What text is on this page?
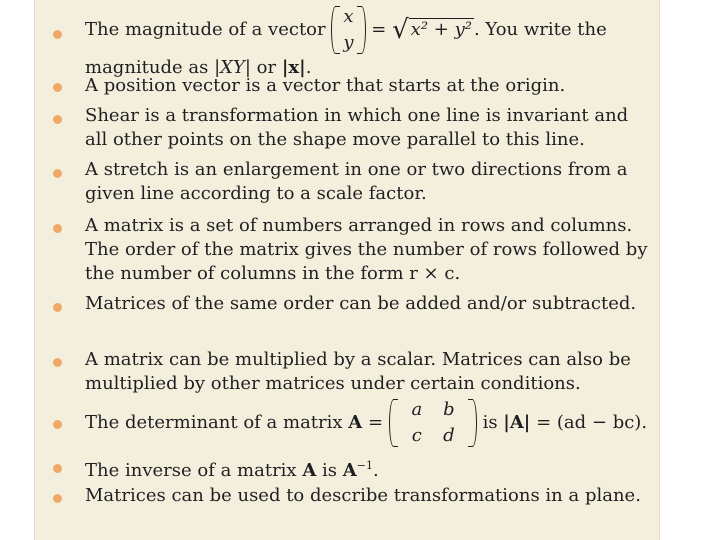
The magnitude of a vector
x
y
= √ x² + y² . You write the
magnitude as |XY| or |x|.
A position vector is a vector that starts at the origin.
Shear is a transformation in which one line is invariant and all other points on the shape move parallel to this line.
A stretch is an enlargement in one or two directions from a given line according to a scale factor.
A matrix is a set of numbers arranged in rows and columns. The order of the matrix gives the number of rows followed by the number of columns in the form r × c.
Matrices of the same order can be added and/or subtracted.
A matrix can be multiplied by a scalar. Matrices can also be multiplied by other matrices under certain conditions.
The determinant of a matrix A =
a b
c d
is |A| = (ad − bc).
The inverse of a matrix A is $A^{-1}$.
Matrices can be used to describe transformations in a plane.
